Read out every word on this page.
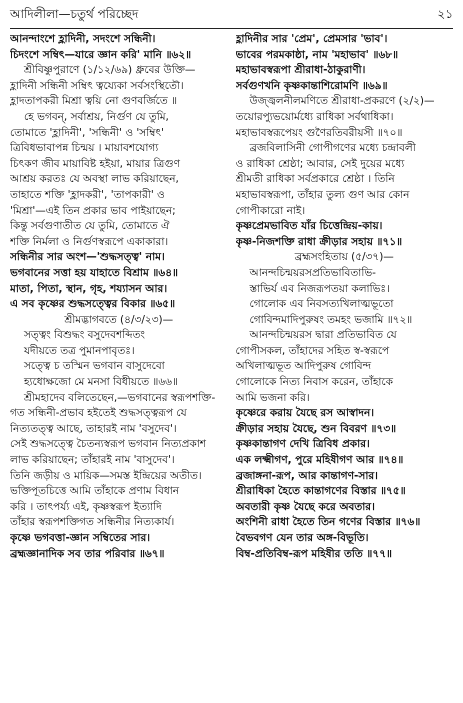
আদিলীলা—চতুর্থ পরিচ্ছেদ	২১
আনন্দাংশে হ্লাদিনী, সদংশে সন্ধিনী।
চিদংশে সম্বিৎ—যারে জ্ঞান করি' মানি ॥৬২॥
শ্রীবিষ্ণুপুরাণে (১/১২/৬৯) ধ্রুবের উক্তি—
হ্লাদিনী সন্ধিনী সম্বিৎ ত্বয্যেকা সর্বসংস্থিতৌ।
হ্লাদতাপকরী মিশ্রা ত্বয়ি নো গুণবর্জিতে ॥
হে ভগবন্, সর্বাশ্রয়, নির্গুণ যে তুমি,
তোমাতে 'হ্লাদিনী', 'সন্ধিনী' ও 'সম্বিৎ'
ত্রিবিধভাবাপন্ন চিন্ময় । মায়াবশযোগ্য
চিৎকণ জীব মায়াবিষ্ট হইয়া, মায়ার ত্রিগুণ
আশ্রয় করতঃ যে অবস্থা লাভ করিয়াছেন,
তাহাতে শক্তি 'হ্লাদকরী', 'তাপকারী' ও
'মিশ্রা'—এই তিন প্রকার ভাব পাইয়াছেন;
কিন্তু সর্বগুণাতীত যে তুমি, তোমাতে ঐ
শক্তি নির্মলা ও নির্গুণস্বরূপে একাকারা।
সন্ধিনীর সার অংশ—'শুদ্ধসত্ত্ব' নাম।
ভগবানের সত্তা হয় যাহাতে বিশ্রাম ॥৬৪॥
মাতা, পিতা, স্থান, গৃহ, শয্যাসন আর।
এ সব কৃষ্ণের শুদ্ধসত্ত্বের বিকার ॥৬৫॥
শ্রীমদ্ভাগবতে (৪/৩/২৩)—
সত্ত্বং বিশুদ্ধং বসুদেবশব্দিতং
যদীয়তে তত্র পুমানপাবৃতঃ।
সত্ত্বে চ তস্মিন ভগবান বাসুদেবো
হ্যধোক্ষজো মে মনসা বিধীয়তে ॥৬৬॥
শ্রীমহাদেব বলিতেছেন,—ভগবানের স্বরূপশক্তি-
গত সন্ধিনী-প্রভাব হইতেই শুদ্ধসত্ত্বরূপ যে
নিত্যতত্ত্ব আছে, তাহারই নাম 'বসুদেব'।
সেই শুদ্ধসত্ত্বে চৈতন্যস্বরূপ ভগবান নিত্যপ্রকাশ
লাভ করিয়াছেন; তাঁহারই নাম 'বাসুদেব'।
তিনি জড়ীয় ও মায়িক—সমস্ত ইন্দ্রিয়ের অতীত।
ভক্তিপূতচিত্তে আমি তাঁহাকে প্রণাম বিধান
করি । তাৎপর্য্য এই, কৃষ্ণস্বরূপ ইত্যাদি
তাঁহার স্বরূপশক্তিগত সন্ধিনীর নিত্যকার্য।
কৃষ্ণে ভগবত্তা-জ্ঞান সম্বিতের সার।
ব্রহ্মজ্ঞানাদিক সব তার পরিবার ॥৬৭॥
হ্লাদিনীর সার 'প্রেম', প্রেমসার 'ভাব'।
ভাবের পরমকাষ্ঠা, নাম 'মহাভাব' ॥৬৮॥
মহাভাবস্বরূপা শ্রীরাধা-ঠাকুরাণী।
সর্বগুণখনি কৃষ্ণকান্তাশিরোমণি ॥৬৯॥
উজ্জ্বলনীলমণিতে শ্রীরাধা-প্রকরণে (২/২)—
তয়োরপ্যুভয়োর্মধ্যে রাধিকা সর্বথাধিকা।
মহাভাবস্বরূপেয়ং গুণৈরতিবরীয়সী ॥৭০॥
ব্রজবিলাসিনী গোপীগণের মধ্যে চন্দ্রাবলী
ও রাধিকা শ্রেষ্ঠা; আবার, সেই দুয়ের মধ্যে
শ্রীমতী রাধিকা সর্বপ্রকারে শ্রেষ্ঠা । তিনি
মহাভাবস্বরূপা, তাঁহার তুল্য গুণ আর কোন
গোপীকারো নাই।
কৃষ্ণপ্রেমভাবিত যাঁর চিত্তেন্দ্রিয়-কায়।
কৃষ্ণ-নিজশক্তি রাধা ক্রীড়ার সহায় ॥৭১॥
ব্রহ্মসংহিতায় (৫/৩৭)—
আনন্দচিন্ময়রসপ্রতিভাবিতাভি-
স্তাভির্য এব নিজরূপতয়া কলাভিঃ।
গোলোক এব নিবসত্যখিলাত্মভূতো
গোবিন্দমাদিপুরুষং তমহং ভজামি ॥৭২॥
আনন্দচিন্ময়রস দ্বারা প্রতিভাবিত যে
গোপীসকল, তাঁহাদের সহিত স্ব-স্বরূপে
অখিলাত্মভূত আদিপুরুষ গোবিন্দ
গোলোকে নিত্য নিবাস করেন, তাঁহাকে
আমি ভজনা করি।
কৃষ্ণেরে করায় যৈছে রস আস্বাদন।
ক্রীড়ার সহায় যৈছে, শুন বিবরণ ॥৭৩॥
কৃষ্ণকান্তাগণ দেখি ত্রিবিধ প্রকার।
এক লক্ষ্মীগণ, পুরে মহিষীগণ আর ॥৭৪॥
ব্রজাঙ্গনা-রূপ, আর কান্তাগণ-সার।
শ্রীরাধিকা হৈতে কান্তাগণের বিস্তার ॥৭৫॥
অবতারী কৃষ্ণ যৈছে করে অবতার।
অংশিনী রাধা হৈতে তিন গণের বিস্তার ॥৭৬॥
বৈভবগণ যেন তার অঙ্গ-বিভূতি।
বিম্ব-প্রতিবিম্ব-রূপ মহিষীর ততি ॥৭৭॥
